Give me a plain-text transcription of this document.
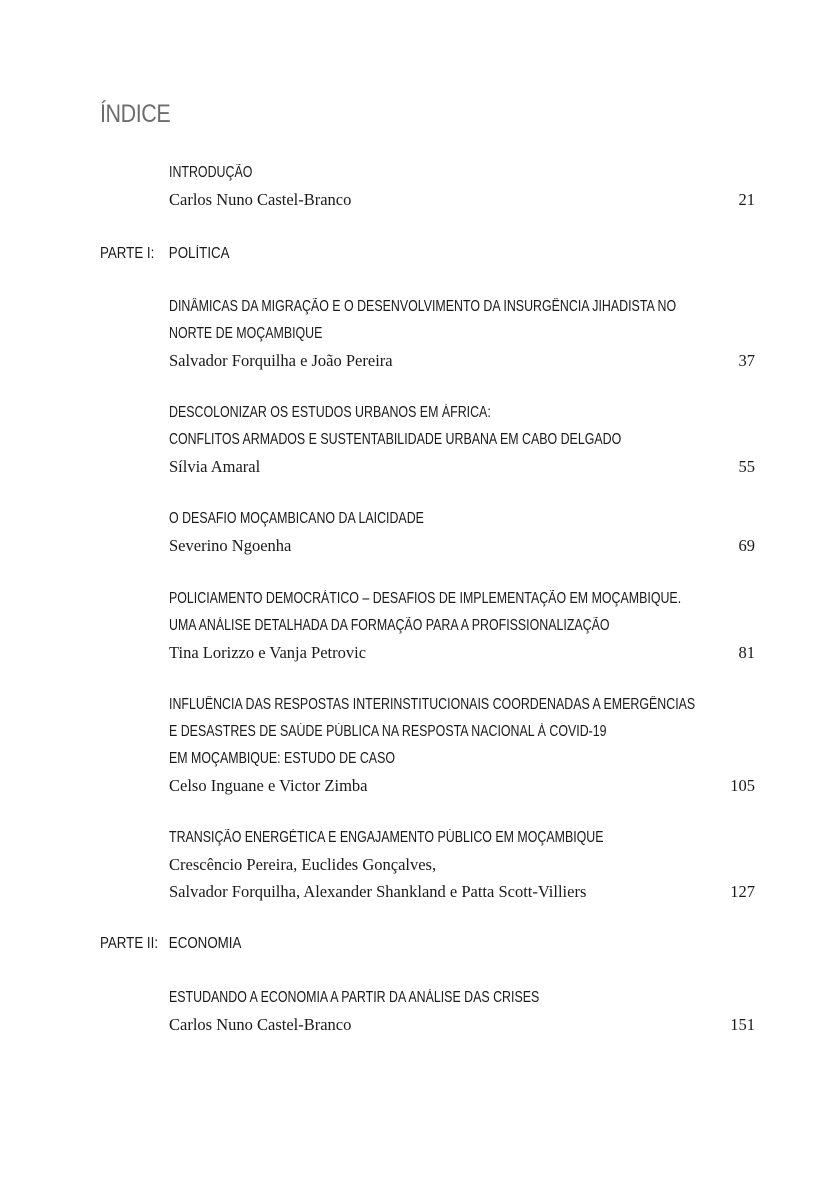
ÍNDICE
INTRODUÇÃO
Carlos Nuno Castel-Branco	21
PARTE I: POLÍTICA
DINÂMICAS DA MIGRAÇÃO E O DESENVOLVIMENTO DA INSURGÊNCIA JIHADISTA NO
NORTE DE MOÇAMBIQUE
Salvador Forquilha e João Pereira	37
DESCOLONIZAR OS ESTUDOS URBANOS EM ÁFRICA:
CONFLITOS ARMADOS E SUSTENTABILIDADE URBANA EM CABO DELGADO
Sílvia Amaral	55
O DESAFIO MOÇAMBICANO DA LAICIDADE
Severino Ngoenha	69
POLICIAMENTO DEMOCRÁTICO – DESAFIOS DE IMPLEMENTAÇÃO EM MOÇAMBIQUE.
UMA ANÁLISE DETALHADA DA FORMAÇÃO PARA A PROFISSIONALIZAÇÃO
Tina Lorizzo e Vanja Petrovic	81
INFLUÊNCIA DAS RESPOSTAS INTERINSTITUCIONAIS COORDENADAS A EMERGÊNCIAS
E DESASTRES DE SAÚDE PÚBLICA NA RESPOSTA NACIONAL À COVID-19
EM MOÇAMBIQUE: ESTUDO DE CASO
Celso Inguane e Victor Zimba	105
TRANSIÇÃO ENERGÉTICA E ENGAJAMENTO PÚBLICO EM MOÇAMBIQUE
Crescêncio Pereira, Euclides Gonçalves,
Salvador Forquilha, Alexander Shankland e Patta Scott-Villiers	127
PARTE II: ECONOMIA
ESTUDANDO A ECONOMIA A PARTIR DA ANÁLISE DAS CRISES
Carlos Nuno Castel-Branco	151
